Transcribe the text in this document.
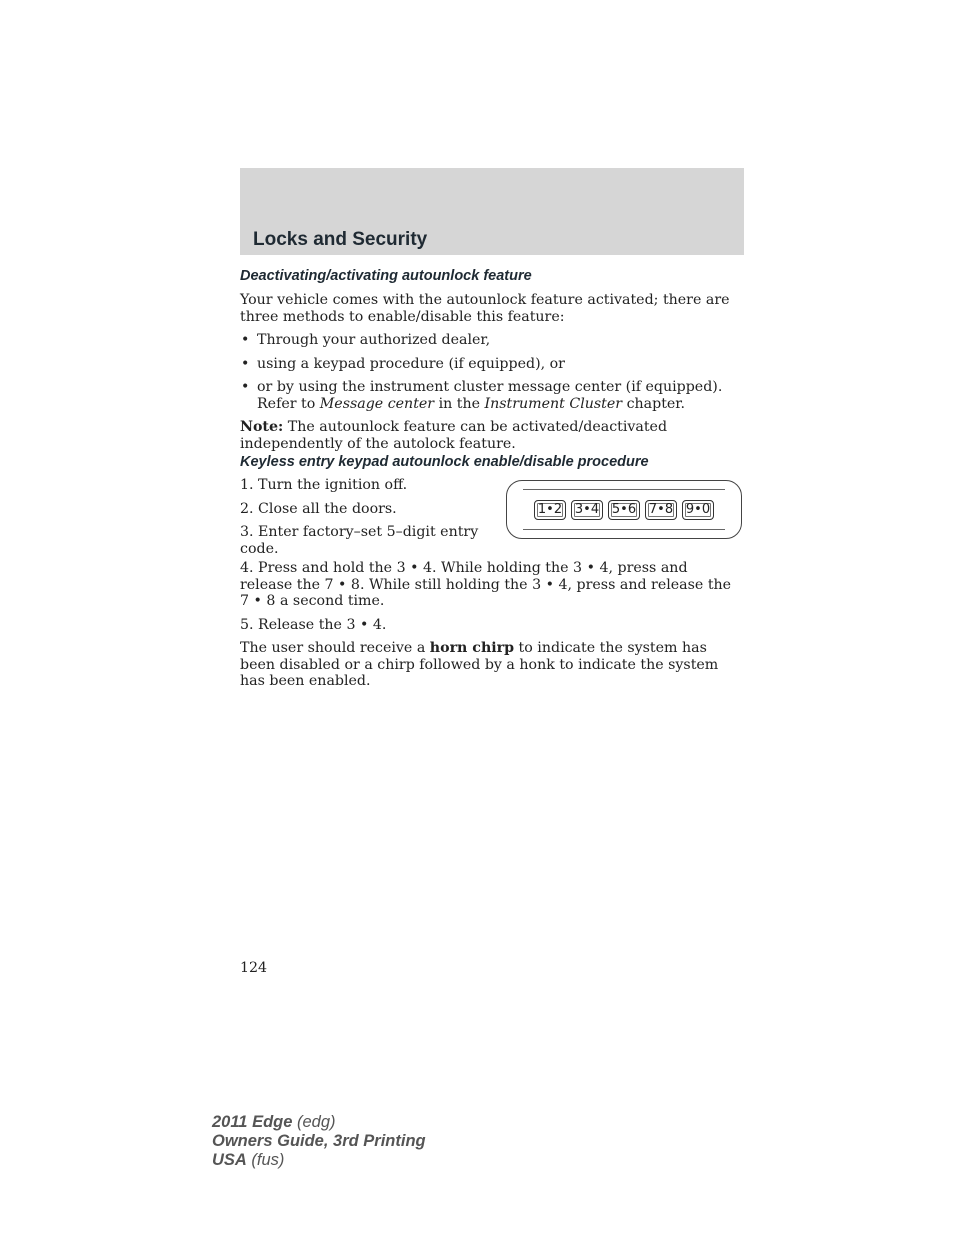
Locks and Security
Deactivating/activating autounlock feature

Your vehicle comes with the autounlock feature activated; there are three methods to enable/disable this feature:

• Through your authorized dealer,
• using a keypad procedure (if equipped), or
• or by using the instrument cluster message center (if equipped). Refer to Message center in the Instrument Cluster chapter.

Note: The autounlock feature can be activated/deactivated independently of the autolock feature.

Keyless entry keypad autounlock enable/disable procedure

1. Turn the ignition off.

2. Close all the doors.

3. Enter factory–set 5–digit entry code.

1•2 3•4 5•6 7•8 9•0

4. Press and hold the 3 • 4. While holding the 3 • 4, press and release the 7 • 8. While still holding the 3 • 4, press and release the 7 • 8 a second time.

5. Release the 3 • 4.

The user should receive a horn chirp to indicate the system has been disabled or a chirp followed by a honk to indicate the system has been enabled.

124
2011 Edge (edg)
Owners Guide, 3rd Printing
USA (fus)
